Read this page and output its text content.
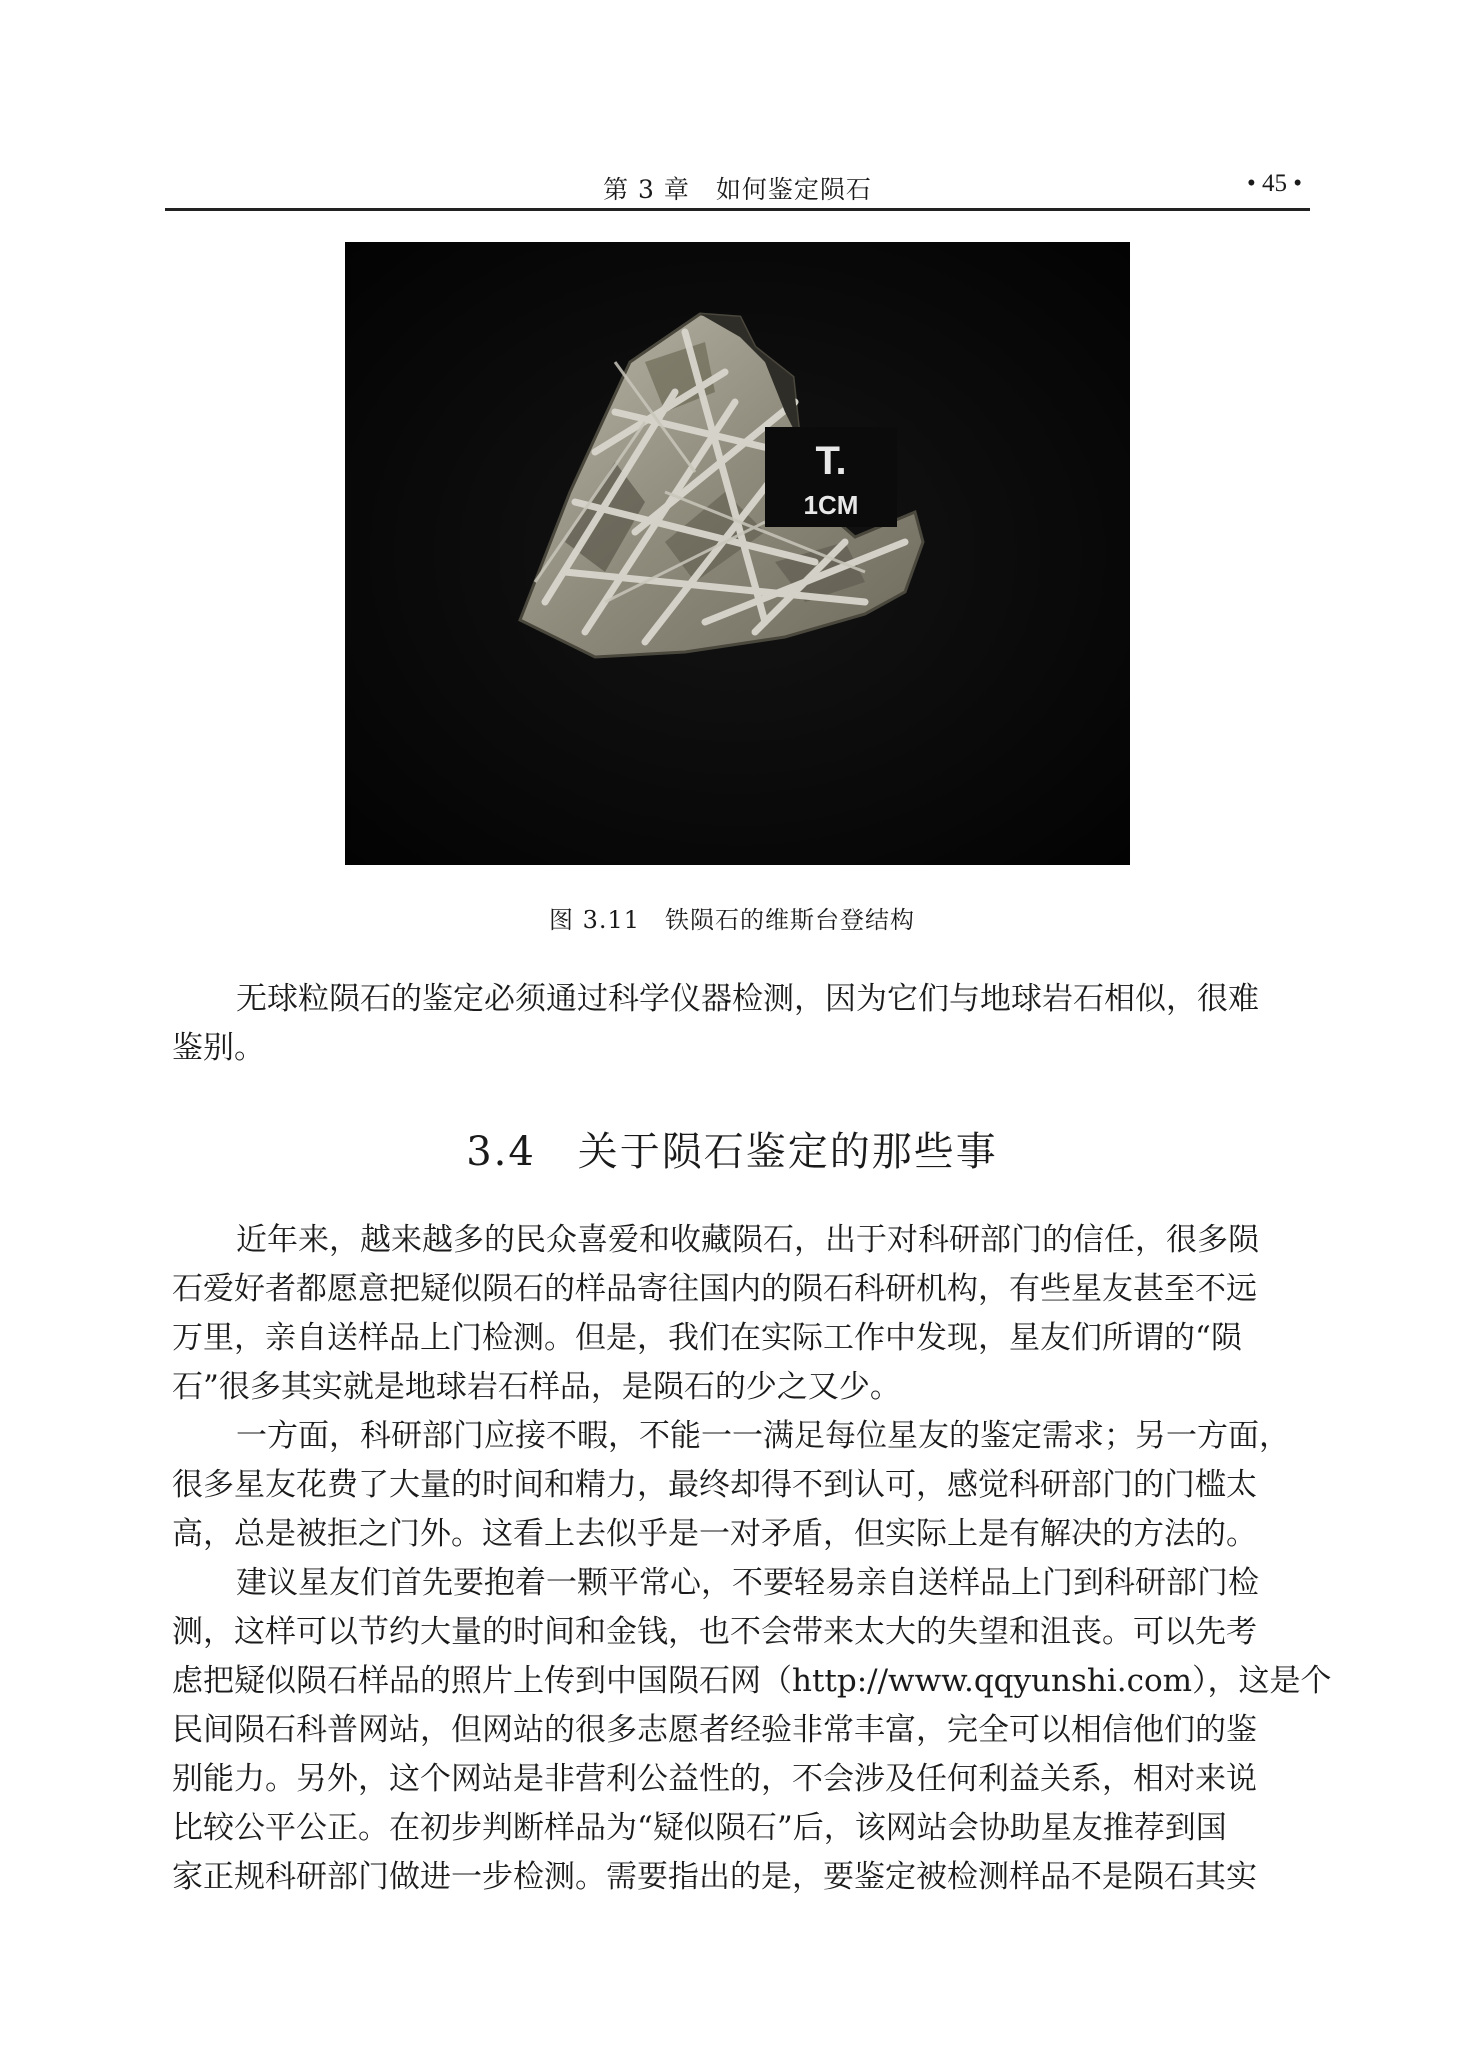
第 3 章　如何鉴定陨石	• 45 •
T.
1CM
图 3.11　铁陨石的维斯台登结构

无球粒陨石的鉴定必须通过科学仪器检测，因为它们与地球岩石相似，很难
鉴别。

3.4　关于陨石鉴定的那些事

近年来，越来越多的民众喜爱和收藏陨石，出于对科研部门的信任，很多陨
石爱好者都愿意把疑似陨石的样品寄往国内的陨石科研机构，有些星友甚至不远
万里，亲自送样品上门检测。但是，我们在实际工作中发现，星友们所谓的“陨
石”很多其实就是地球岩石样品，是陨石的少之又少。

一方面，科研部门应接不暇，不能一一满足每位星友的鉴定需求；另一方面，
很多星友花费了大量的时间和精力，最终却得不到认可，感觉科研部门的门槛太
高，总是被拒之门外。这看上去似乎是一对矛盾，但实际上是有解决的方法的。

建议星友们首先要抱着一颗平常心，不要轻易亲自送样品上门到科研部门检
测，这样可以节约大量的时间和金钱，也不会带来太大的失望和沮丧。可以先考
虑把疑似陨石样品的照片上传到中国陨石网（http://www.qqyunshi.com），这是个
民间陨石科普网站，但网站的很多志愿者经验非常丰富，完全可以相信他们的鉴
别能力。另外，这个网站是非营利公益性的，不会涉及任何利益关系，相对来说
比较公平公正。在初步判断样品为“疑似陨石”后，该网站会协助星友推荐到国
家正规科研部门做进一步检测。需要指出的是，要鉴定被检测样品不是陨石其实
